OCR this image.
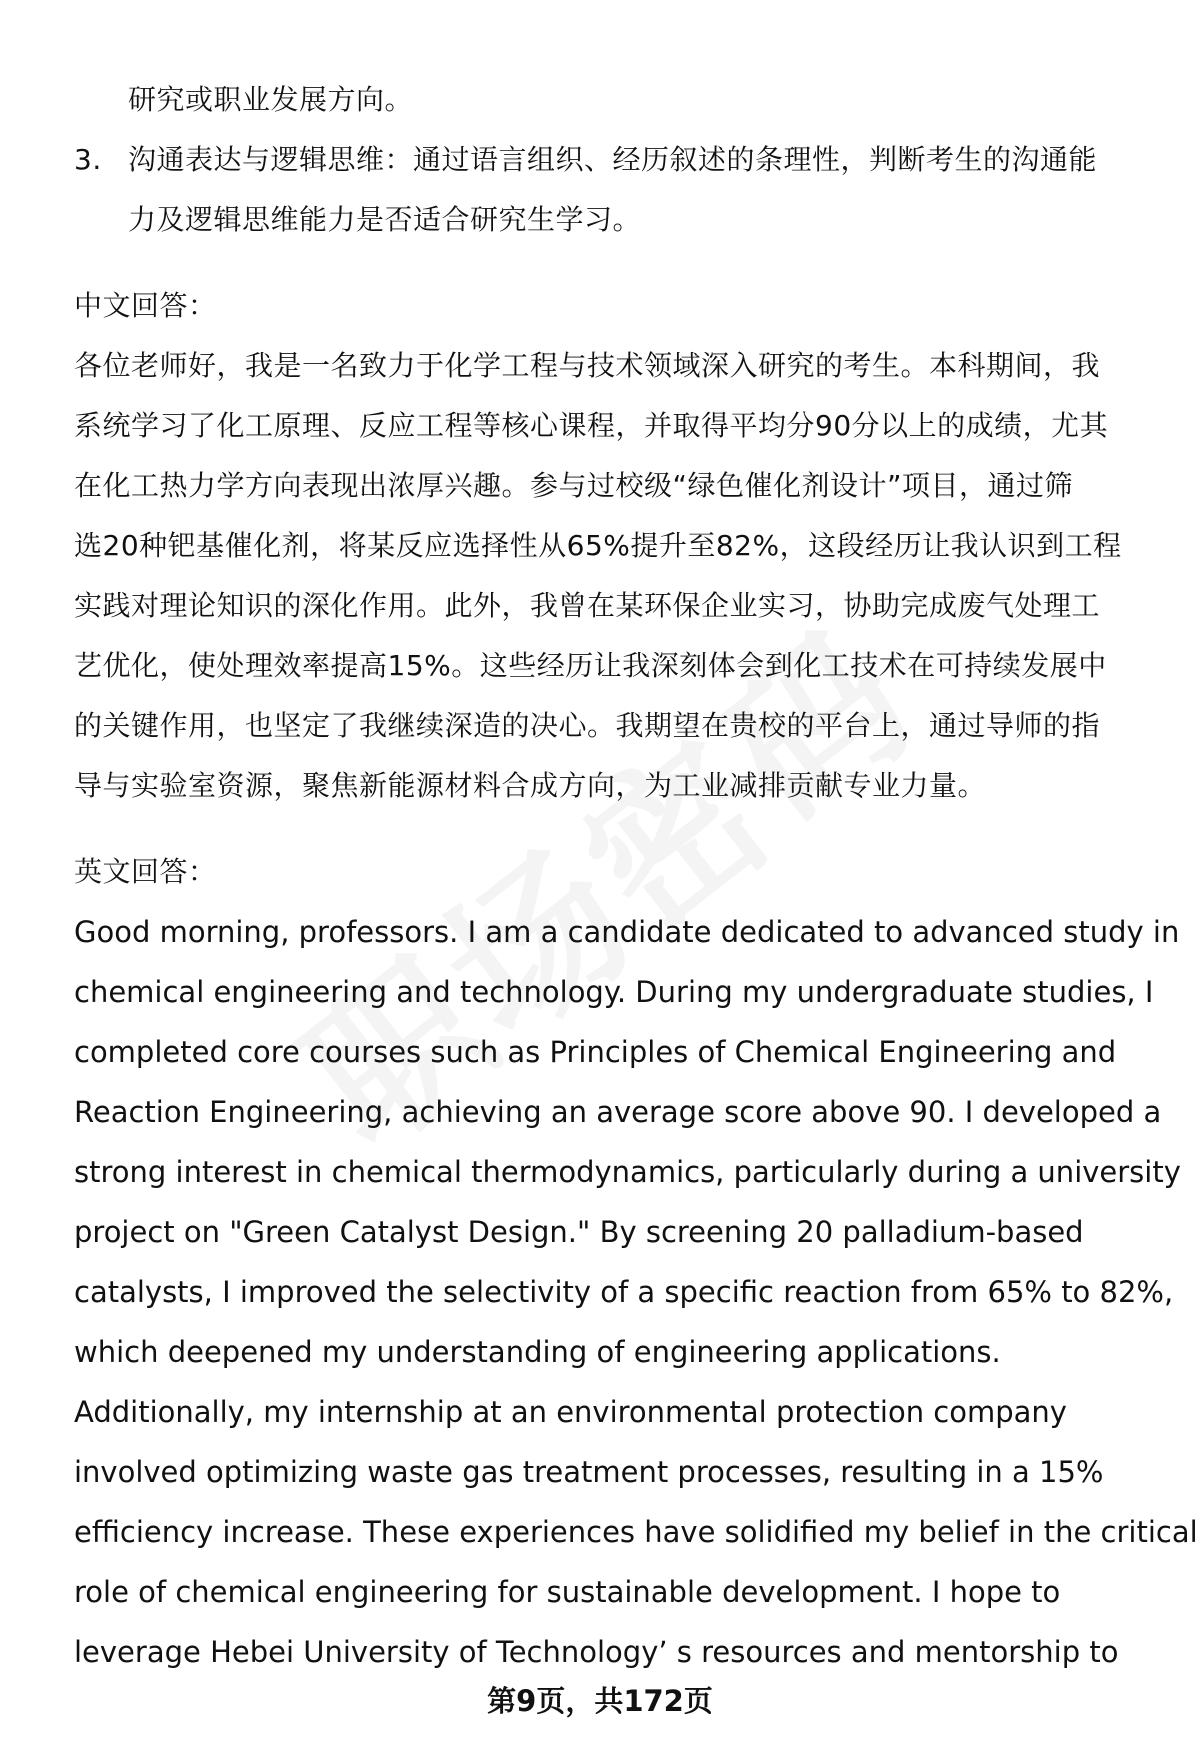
研究或职业发展方向。
3. 沟通表达与逻辑思维：通过语言组织、经历叙述的条理性，判断考生的沟通能
力及逻辑思维能力是否适合研究生学习。
中文回答：
各位老师好，我是一名致力于化学工程与技术领域深入研究的考生。本科期间，我
系统学习了化工原理、反应工程等核心课程，并取得平均分90分以上的成绩，尤其
在化工热力学方向表现出浓厚兴趣。参与过校级“绿色催化剂设计”项目，通过筛
选20种钯基催化剂，将某反应选择性从65%提升至82%，这段经历让我认识到工程
实践对理论知识的深化作用。此外，我曾在某环保企业实习，协助完成废气处理工
艺优化，使处理效率提高15%。这些经历让我深刻体会到化工技术在可持续发展中
的关键作用，也坚定了我继续深造的决心。我期望在贵校的平台上，通过导师的指
导与实验室资源，聚焦新能源材料合成方向，为工业减排贡献专业力量。
英文回答：
Good morning, professors. I am a candidate dedicated to advanced study in
chemical engineering and technology. During my undergraduate studies, I
completed core courses such as Principles of Chemical Engineering and
Reaction Engineering, achieving an average score above 90. I developed a
strong interest in chemical thermodynamics, particularly during a university
project on "Green Catalyst Design." By screening 20 palladium-based
catalysts, I improved the selectivity of a specific reaction from 65% to 82%,
which deepened my understanding of engineering applications.
Additionally, my internship at an environmental protection company
involved optimizing waste gas treatment processes, resulting in a 15%
efficiency increase. These experiences have solidified my belief in the critical
role of chemical engineering for sustainable development. I hope to
leverage Hebei University of Technology’ s resources and mentorship to
第9页，共172页
